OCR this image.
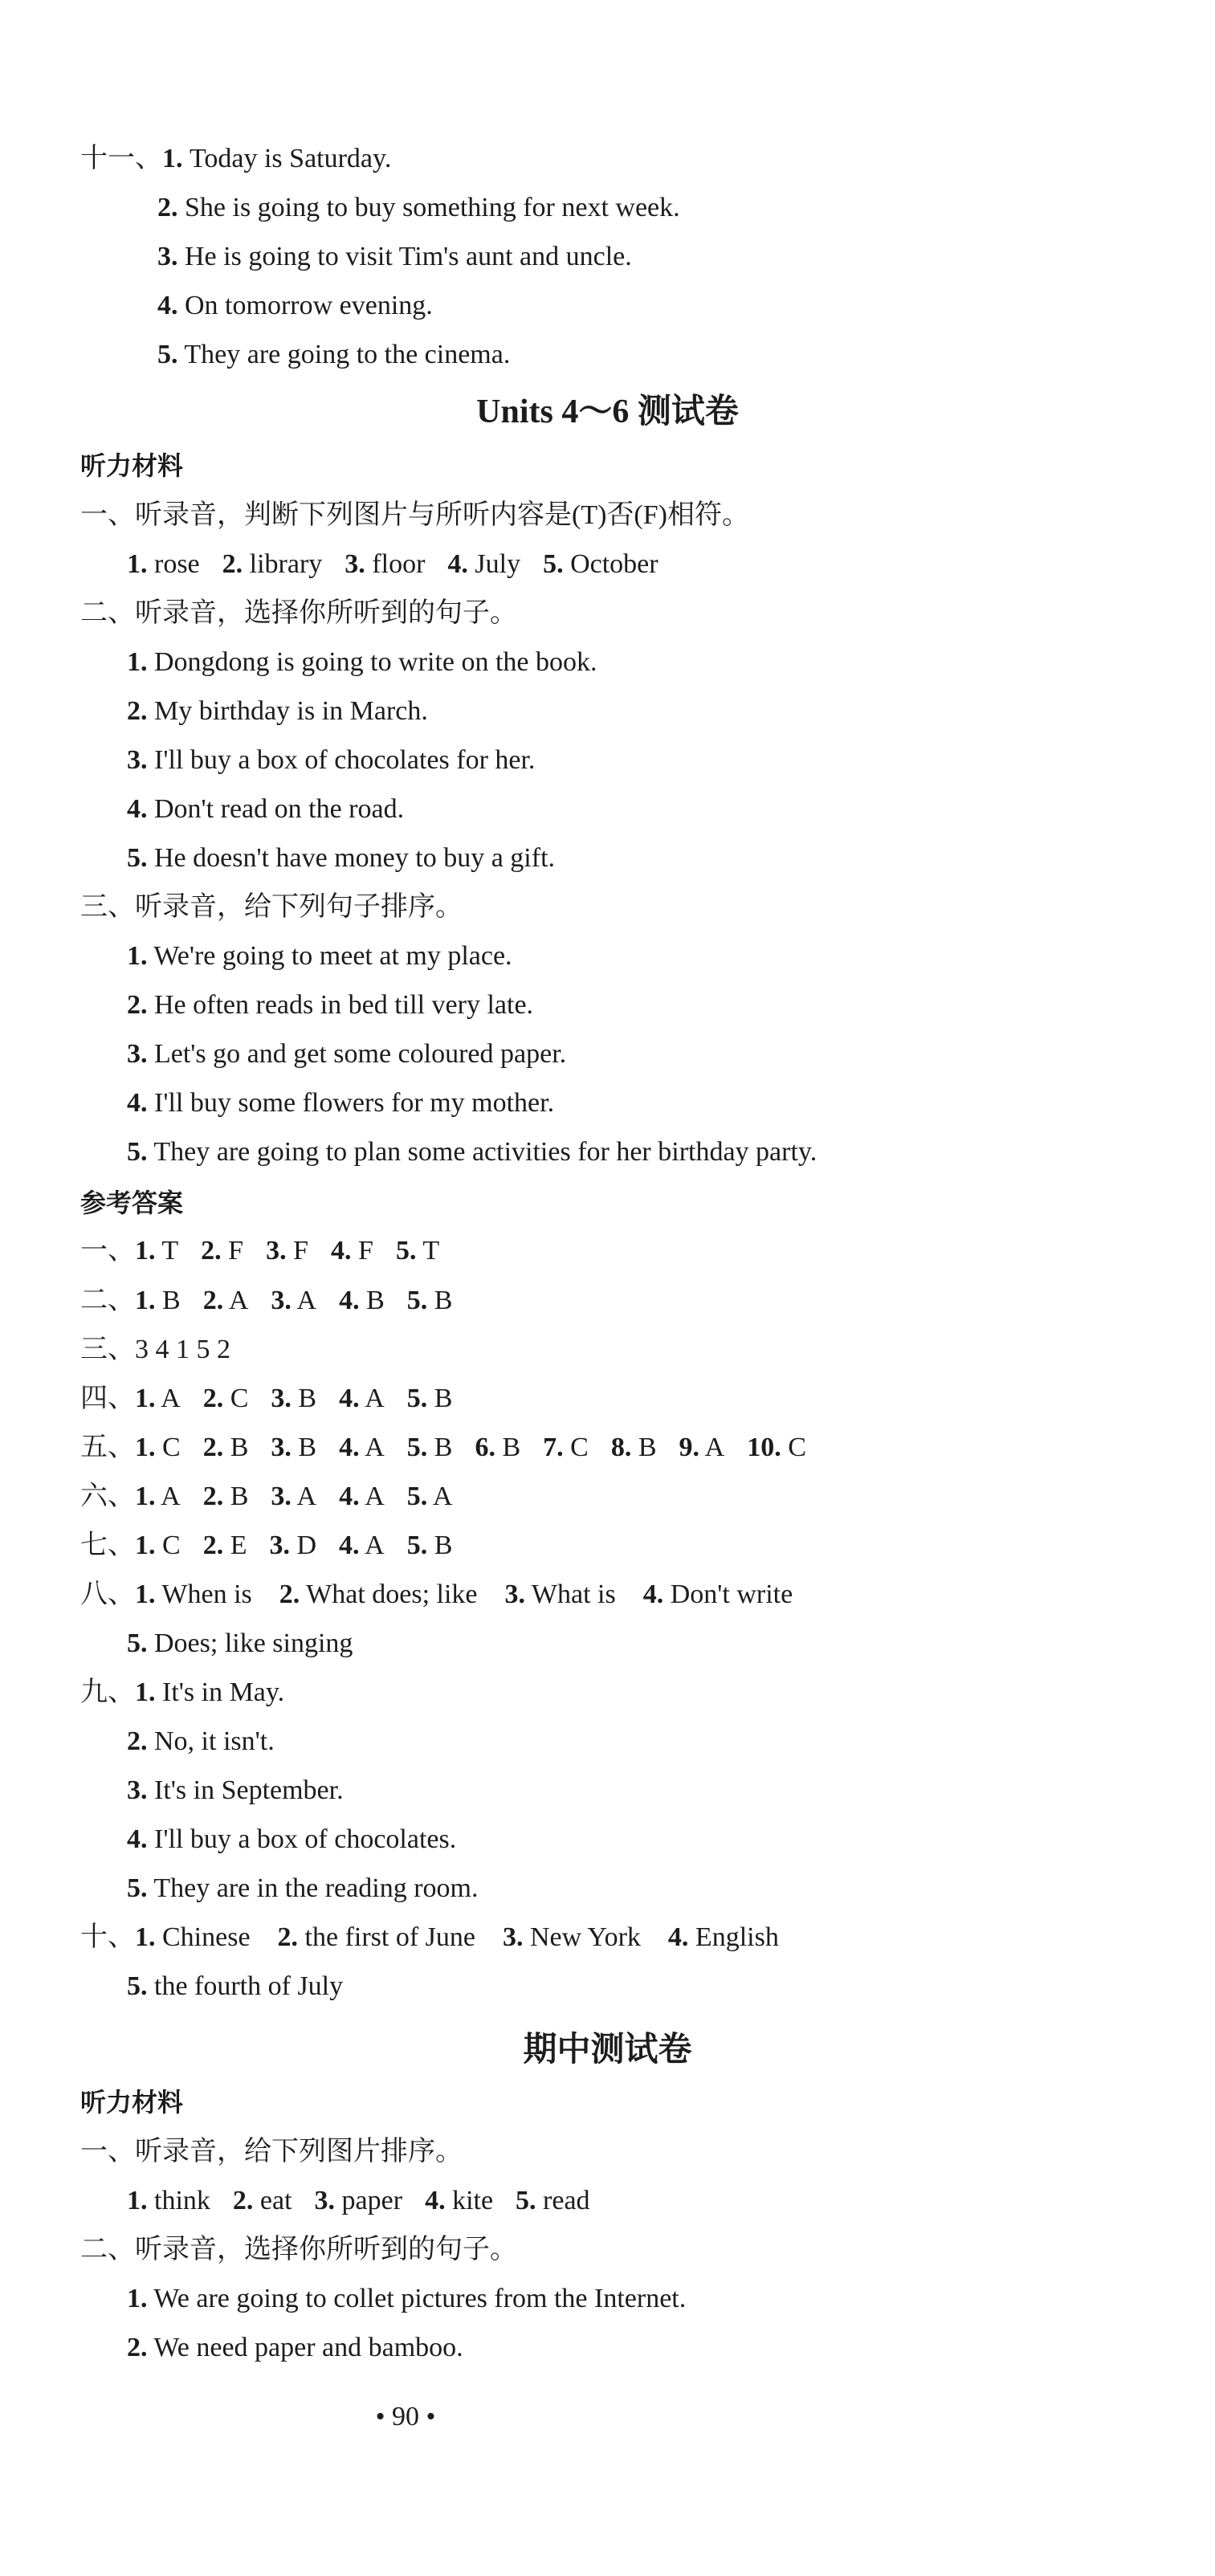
十一、1. Today is Saturday.
2. She is going to buy something for next week.
3. He is going to visit Tim's aunt and uncle.
4. On tomorrow evening.
5. They are going to the cinema.
Units 4～6 测试卷
听力材料
一、听录音，判断下列图片与所听内容是(T)否(F)相符。
1. rose 2. library 3. floor 4. July 5. October
二、听录音，选择你所听到的句子。
1. Dongdong is going to write on the book.
2. My birthday is in March.
3. I'll buy a box of chocolates for her.
4. Don't read on the road.
5. He doesn't have money to buy a gift.
三、听录音，给下列句子排序。
1. We're going to meet at my place.
2. He often reads in bed till very late.
3. Let's go and get some coloured paper.
4. I'll buy some flowers for my mother.
5. They are going to plan some activities for her birthday party.
参考答案
一、1. T 2. F 3. F 4. F 5. T
二、1. B 2. A 3. A 4. B 5. B
三、3 4 1 5 2
四、1. A 2. C 3. B 4. A 5. B
五、1. C 2. B 3. B 4. A 5. B 6. B 7. C 8. B 9. A 10. C
六、1. A 2. B 3. A 4. A 5. A
七、1. C 2. E 3. D 4. A 5. B
八、1. When is 2. What does; like 3. What is 4. Don't write
5. Does; like singing
九、1. It's in May.
2. No, it isn't.
3. It's in September.
4. I'll buy a box of chocolates.
5. They are in the reading room.
十、1. Chinese 2. the first of June 3. New York 4. English
5. the fourth of July
期中测试卷
听力材料
一、听录音，给下列图片排序。
1. think 2. eat 3. paper 4. kite 5. read
二、听录音，选择你所听到的句子。
1. We are going to collet pictures from the Internet.
2. We need paper and bamboo.
• 90 •
